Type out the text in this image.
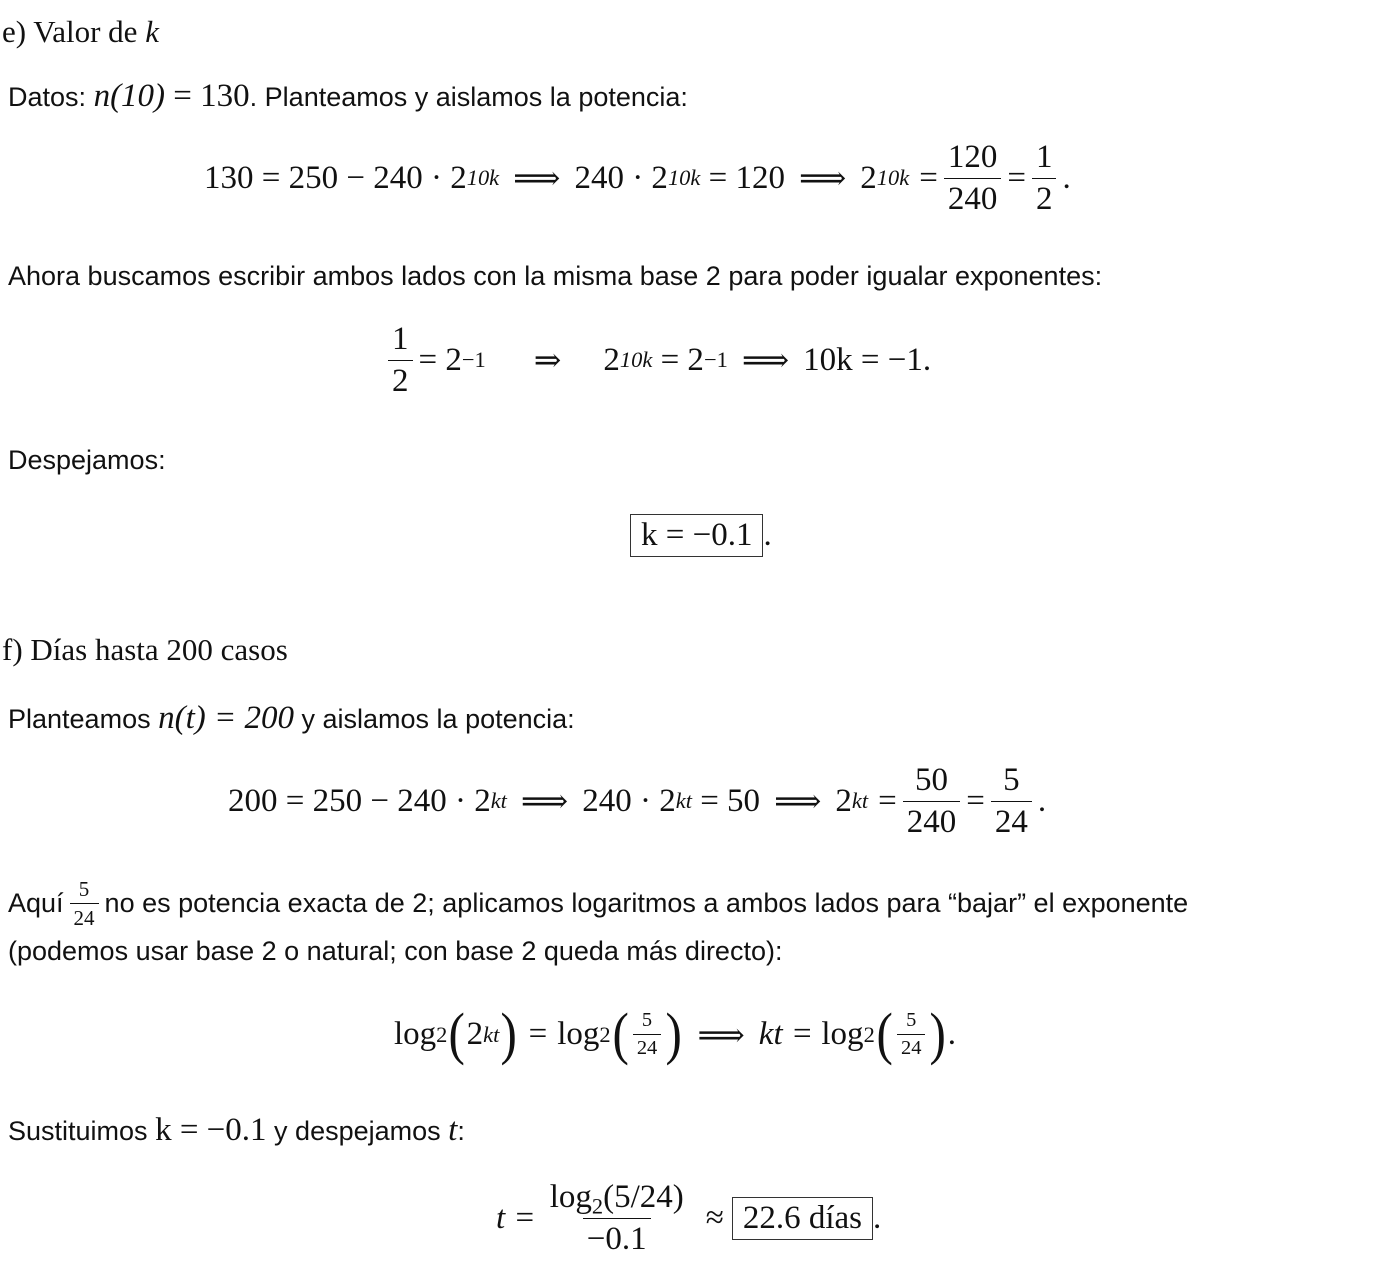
e) Valor de k
Datos: n(10) = 130. Planteamos y aislamos la potencia:
130 = 250 − 240 · 2 10k ⟹ 240 · 2 10k
= 120 ⟹ 2 $10k = \frac{120}{240} = \frac{1}{2}$ .
Ahora buscamos escribir ambos lados con la misma base 2 para poder igualar exponentes:
$\frac{1}{2} = 2 -1$ ⇒ 2 10k
= 2 −1 ⟹ 10k = −1.
Despejamos:
k = −0.1 .
f) Días hasta 200 casos
Planteamos n(t) = 200 y aislamos la potencia:
200 = 250 − 240 · 2 kt ⟹ 240 · 2 kt
= 50 ⟹ 2 kt = $\frac{50}{240} = \frac{5}{24}$ .
Aquí $\frac{5}{24}$ no es potencia exacta de 2; aplicamos logaritmos a ambos lados para “bajar” el exponente
(podemos usar base 2 o natural; con base 2 queda más directo):
log 2 ( 2 kt ) = log 2 ( $\frac{5}{24}$ ) ⟹ kt =
log 2 ( $\frac{5}{24}$ ) .
Sustituimos k = −0.1 y despejamos t:
$t = \frac{\log_2(5/24)}{-0.1} \approx 22.6$ días .
